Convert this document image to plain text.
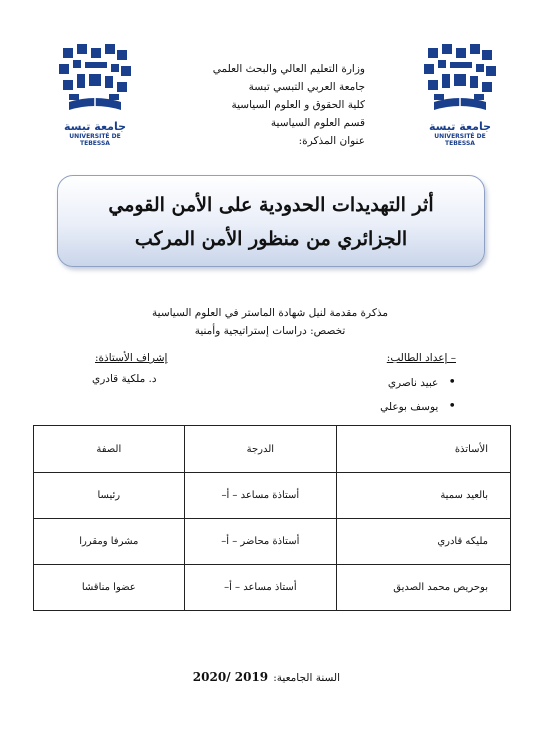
جامعة تبسة
UNIVERSITÉ DE TEBESSA
جامعة تبسة
UNIVERSITÉ DE TEBESSA
وزارة التعليم العالي والبحث العلمي
جامعة العربي التبسي تبسة
كلية الحقوق و العلوم السياسية
قسم العلوم السياسية
عنوان المذكرة:
أثر التهديدات الحدودية على الأمن القومي
الجزائري من منظور الأمن المركب
مذكرة مقدمة لنيل شهادة الماستر في العلوم السياسية
تخصص: دراسات إستراتيجية وأمنية
– إعداد الطالب:
• عبيد ناصري
• يوسف بوعلي
إشراف الأستاذة:
د. ملكية قادري
الأساتذة	الدرجة	الصفة
بالعيد سمية	أستاذة مساعد – أ–	رئيسا
مليكه قادري	أستاذة محاضر – أ–	مشرفا ومقررا
بوحريص محمد الصديق	أستاذ مساعد – أ–	عضوا مناقشا
السنة الجامعية: 2019 /2020
